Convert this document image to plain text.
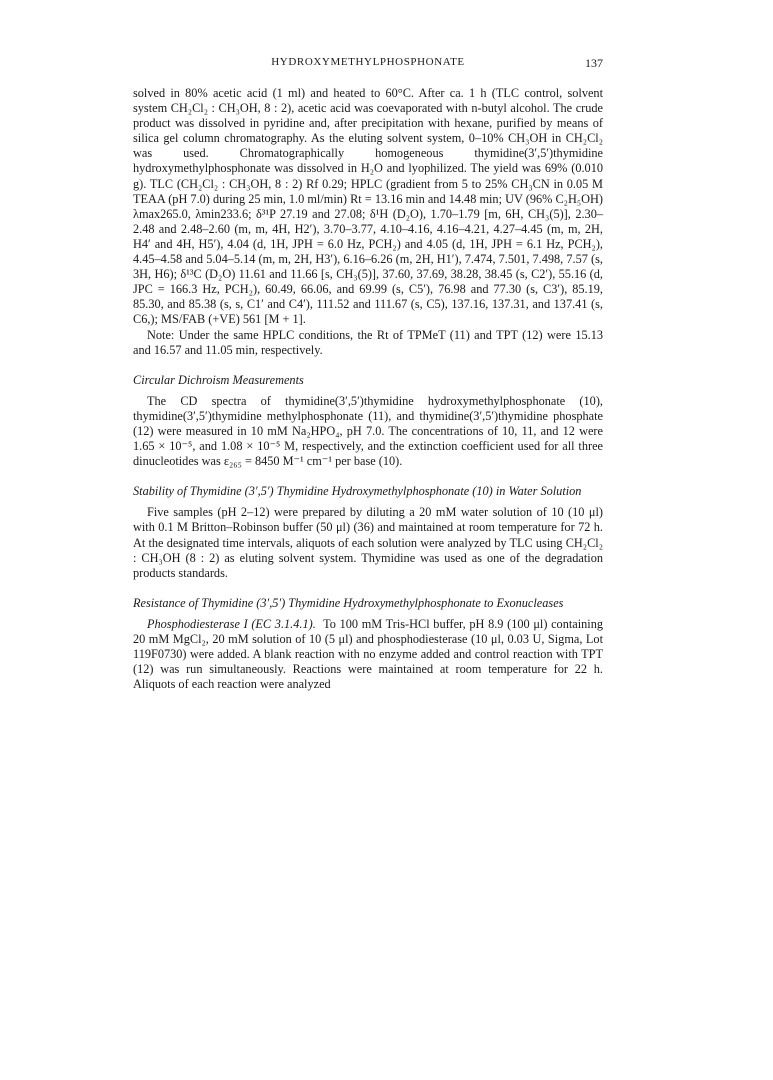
HYDROXYMETHYLPHOSPHONATE	137

solved in 80% acetic acid (1 ml) and heated to 60°C. After ca. 1 h (TLC control, solvent system CH₂Cl₂ : CH₃OH, 8 : 2), acetic acid was coevaporated with n-butyl alcohol. The crude product was dissolved in pyridine and, after precipitation with hexane, purified by means of silica gel column chromatography. As the eluting solvent system, 0–10% CH₃OH in CH₂Cl₂ was used. Chromatographically homogeneous thymidine(3′,5′)thymidine hydroxymethylphosphonate was dissolved in H₂O and lyophilized. The yield was 69% (0.010 g). TLC (CH₂Cl₂ : CH₃OH, 8 : 2) Rf 0.29; HPLC (gradient from 5 to 25% CH₃CN in 0.05 M TEAA (pH 7.0) during 25 min, 1.0 ml/min) Rt = 13.16 min and 14.48 min; UV (96% C₂H₅OH) λmax265.0, λmin233.6; δ³¹P 27.19 and 27.08; δ¹H (D₂O), 1.70–1.79 [m, 6H, CH₃(5)], 2.30–2.48 and 2.48–2.60 (m, m, 4H, H2′), 3.70–3.77, 4.10–4.16, 4.16–4.21, 4.27–4.45 (m, m, 2H, H4′ and 4H, H5′), 4.04 (d, 1H, JPH = 6.0 Hz, PCH₂) and 4.05 (d, 1H, JPH = 6.1 Hz, PCH₂), 4.45–4.58 and 5.04–5.14 (m, m, 2H, H3′), 6.16–6.26 (m, 2H, H1′), 7.474, 7.501, 7.498, 7.57 (s, 3H, H6); δ¹³C (D₂O) 11.61 and 11.66 [s, CH₃(5)], 37.60, 37.69, 38.28, 38.45 (s, C2′), 55.16 (d, JPC = 166.3 Hz, PCH₂), 60.49, 66.06, and 69.99 (s, C5′), 76.98 and 77.30 (s, C3′), 85.19, 85.30, and 85.38 (s, s, C1′ and C4′), 111.52 and 111.67 (s, C5), 137.16, 137.31, and 137.41 (s, C6,); MS/FAB (+VE) 561 [M + 1].

Note: Under the same HPLC conditions, the Rt of TPMeT (11) and TPT (12) were 15.13 and 16.57 and 11.05 min, respectively.

Circular Dichroism Measurements

The CD spectra of thymidine(3′,5′)thymidine hydroxymethylphosphonate (10), thymidine(3′,5′)thymidine methylphosphonate (11), and thymidine(3′,5′)thymidine phosphate (12) were measured in 10 mM Na₂HPO₄, pH 7.0. The concentrations of 10, 11, and 12 were 1.65 × 10⁻⁵, and 1.08 × 10⁻⁵ M, respectively, and the extinction coefficient used for all three dinucleotides was ε₂₆₅ = 8450 M⁻¹ cm⁻¹ per base (10).

Stability of Thymidine (3′,5′) Thymidine Hydroxymethylphosphonate (10) in Water Solution

Five samples (pH 2–12) were prepared by diluting a 20 mM water solution of 10 (10 μl) with 0.1 M Britton–Robinson buffer (50 μl) (36) and maintained at room temperature for 72 h. At the designated time intervals, aliquots of each solution were analyzed by TLC using CH₂Cl₂ : CH₃OH (8 : 2) as eluting solvent system. Thymidine was used as one of the degradation products standards.

Resistance of Thymidine (3′,5′) Thymidine Hydroxymethylphosphonate to Exonucleases

Phosphodiesterase I (EC 3.1.4.1). To 100 mM Tris-HCl buffer, pH 8.9 (100 μl) containing 20 mM MgCl₂, 20 mM solution of 10 (5 μl) and phosphodiesterase (10 μl, 0.03 U, Sigma, Lot 119F0730) were added. A blank reaction with no enzyme added and control reaction with TPT (12) was run simultaneously. Reactions were maintained at room temperature for 22 h. Aliquots of each reaction were analyzed
